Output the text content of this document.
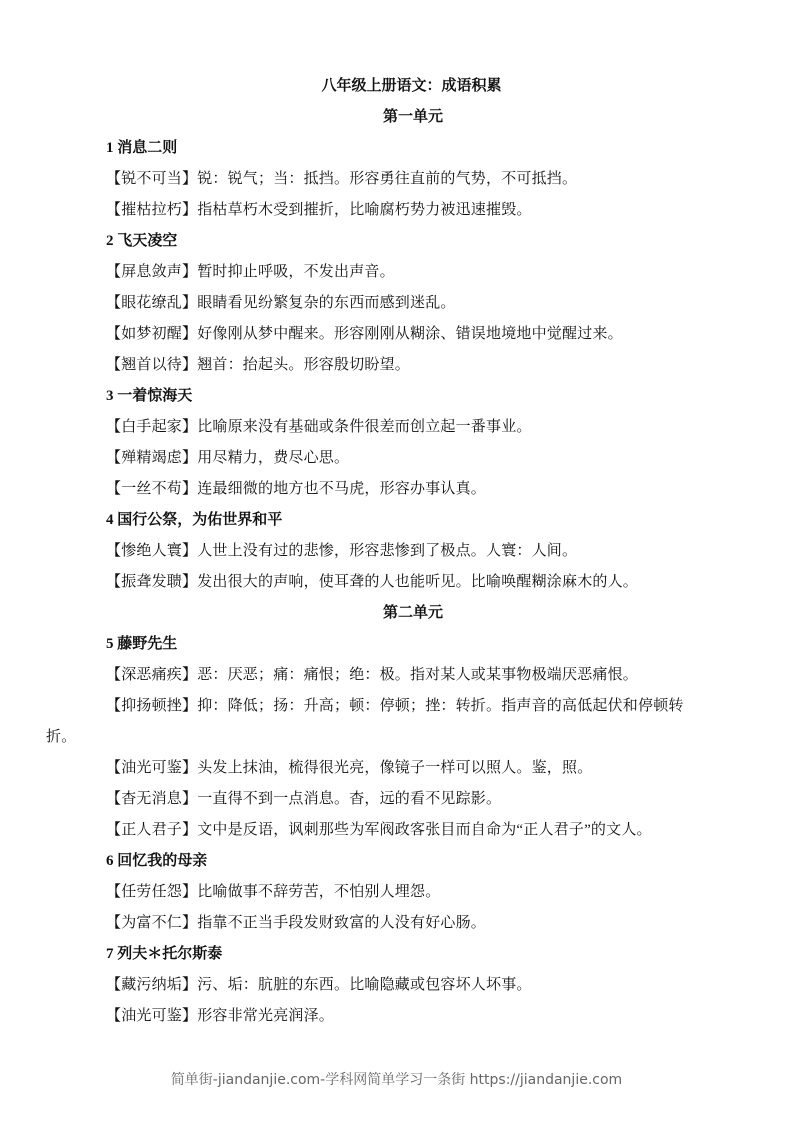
八年级上册语文：成语积累
第一单元
1 消息二则
【锐不可当】锐：锐气；当：抵挡。形容勇往直前的气势，不可抵挡。
【摧枯拉朽】指枯草朽木受到摧折，比喻腐朽势力被迅速摧毁。
2 飞天凌空
【屏息敛声】暂时抑止呼吸，不发出声音。
【眼花缭乱】眼睛看见纷繁复杂的东西而感到迷乱。
【如梦初醒】好像刚从梦中醒来。形容刚刚从糊涂、错误地境地中觉醒过来。
【翘首以待】翘首：抬起头。形容殷切盼望。
3 一着惊海天
【白手起家】比喻原来没有基础或条件很差而创立起一番事业。
【殚精竭虑】用尽精力，费尽心思。
【一丝不苟】连最细微的地方也不马虎，形容办事认真。
4 国行公祭，为佑世界和平
【惨绝人寰】人世上没有过的悲惨，形容悲惨到了极点。人寰：人间。
【振聋发聩】发出很大的声响，使耳聋的人也能听见。比喻唤醒糊涂麻木的人。
第二单元
5 藤野先生
【深恶痛疾】恶：厌恶；痛：痛恨；绝：极。指对某人或某事物极端厌恶痛恨。
【抑扬顿挫】抑：降低；扬：升高；顿：停顿；挫：转折。指声音的高低起伏和停顿转
折。
【油光可鉴】头发上抹油，梳得很光亮，像镜子一样可以照人。鉴，照。
【杳无消息】一直得不到一点消息。杳，远的看不见踪影。
【正人君子】文中是反语，讽刺那些为军阀政客张目而自命为“正人君子”的文人。
6 回忆我的母亲
【任劳任怨】比喻做事不辞劳苦，不怕别人埋怨。
【为富不仁】指靠不正当手段发财致富的人没有好心肠。
7 列夫＊托尔斯泰
【藏污纳垢】污、垢：肮脏的东西。比喻隐藏或包容坏人坏事。
【油光可鉴】形容非常光亮润泽。
简单街-jiandanjie.com-学科网简单学习一条街 https://jiandanjie.com
